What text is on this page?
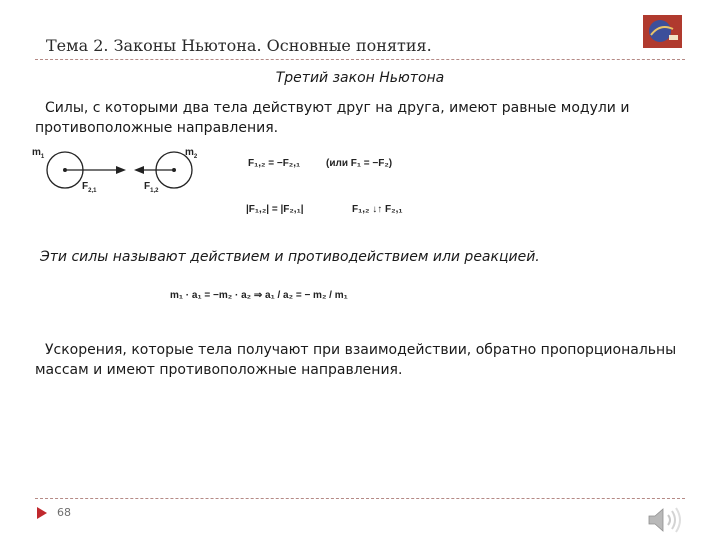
Тема 2. Законы Ньютона. Основные понятия.
Третий закон Ньютона
Силы, с которыми два тела действуют друг на друга, имеют равные модули и противоположные направления.
$m_1$
$F_{2,1}$
$m_2$
$F_{1,2}$
F₁,₂ = −F₂,₁	(или F₁ = −F₂)
|F₁,₂| = |F₂,₁|	F₁,₂ ↓↑ F₂,₁
Эти силы называют действием и противодействием или реакцией.
m₁ · a₁ = −m₂ · a₂ ⇒ a₁ / a₂ = − m₂ / m₁
Ускорения, которые тела получают при взаимодействии, обратно пропорциональны массам и имеют противоположные направления.
68
